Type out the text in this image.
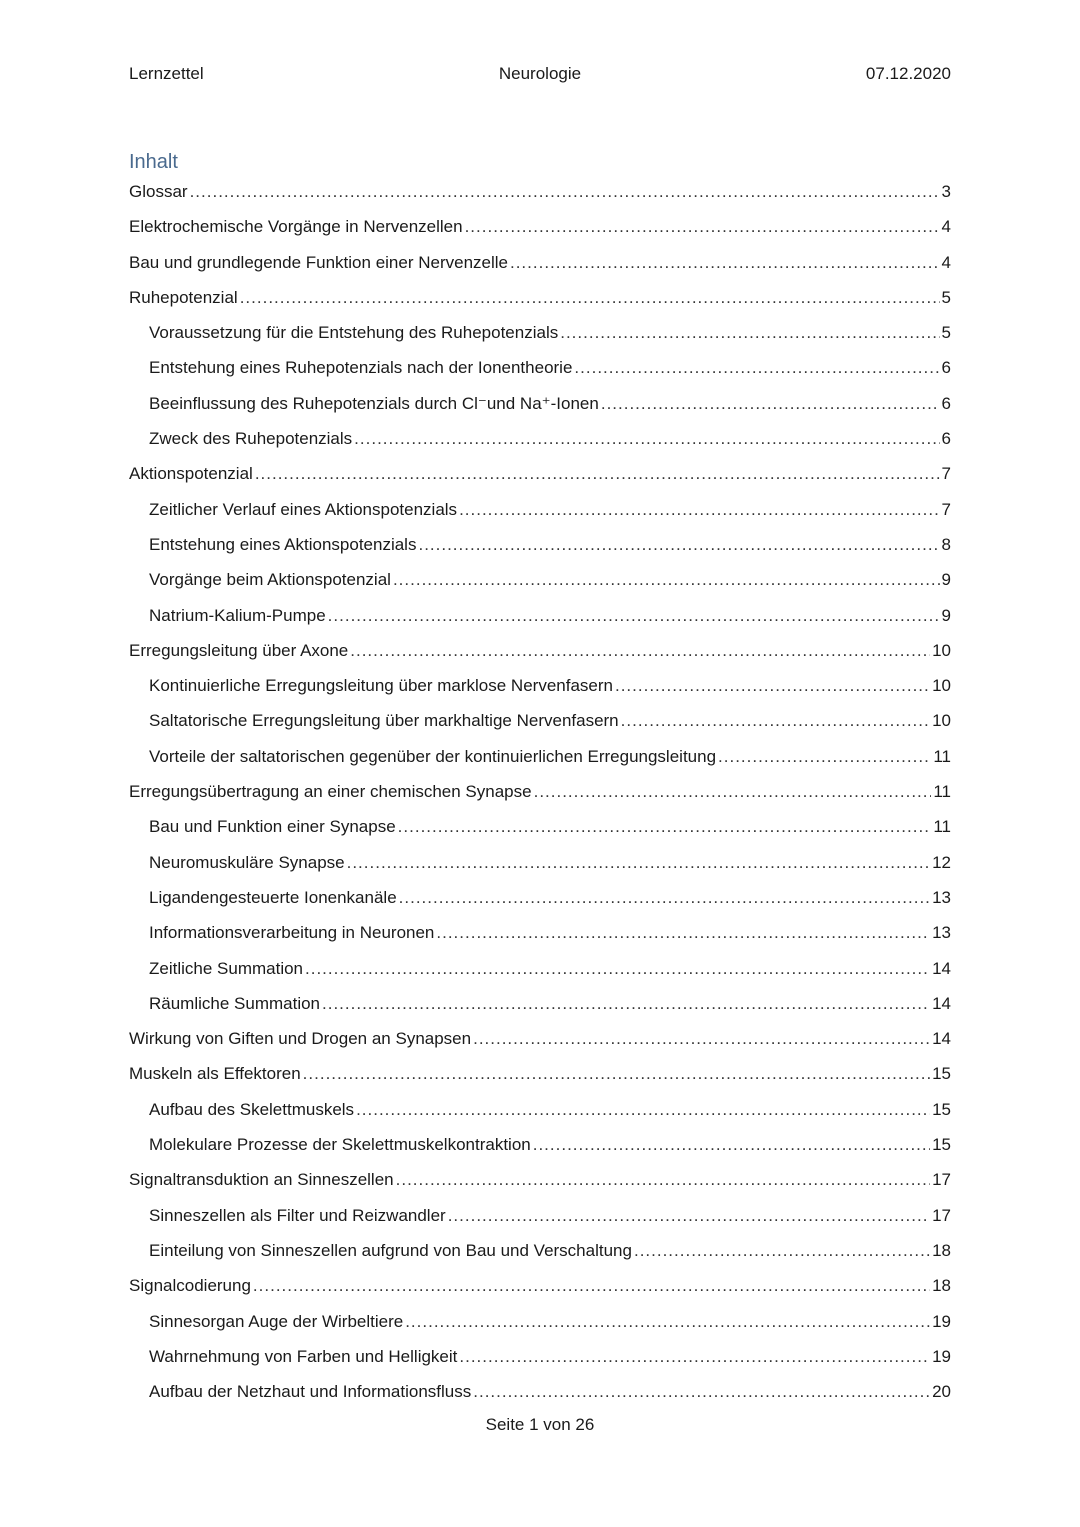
Lernzettel	Neurologie	07.12.2020
Inhalt
Glossar .....	3
Elektrochemische Vorgänge in Nervenzellen .....	4
Bau und grundlegende Funktion einer Nervenzelle .....	4
Ruhepotenzial .....	5
Voraussetzung für die Entstehung des Ruhepotenzials .....	5
Entstehung eines Ruhepotenzials nach der Ionentheorie .....	6
Beeinflussung des Ruhepotenzials durch Cl⁻und Na⁺-Ionen .....	6
Zweck des Ruhepotenzials .....	6
Aktionspotenzial .....	7
Zeitlicher Verlauf eines Aktionspotenzials .....	7
Entstehung eines Aktionspotenzials .....	8
Vorgänge beim Aktionspotenzial .....	9
Natrium-Kalium-Pumpe .....	9
Erregungsleitung über Axone .....	10
Kontinuierliche Erregungsleitung über marklose Nervenfasern .....	10
Saltatorische Erregungsleitung über markhaltige Nervenfasern .....	10
Vorteile der saltatorischen gegenüber der kontinuierlichen Erregungsleitung .....	11
Erregungsübertragung an einer chemischen Synapse .....	11
Bau und Funktion einer Synapse .....	11
Neuromuskuläre Synapse .....	12
Ligandengesteuerte Ionenkanäle .....	13
Informationsverarbeitung in Neuronen .....	13
Zeitliche Summation .....	14
Räumliche Summation .....	14
Wirkung von Giften und Drogen an Synapsen .....	14
Muskeln als Effektoren .....	15
Aufbau des Skelettmuskels .....	15
Molekulare Prozesse der Skelettmuskelkontraktion .....	15
Signaltransduktion an Sinneszellen .....	17
Sinneszellen als Filter und Reizwandler .....	17
Einteilung von Sinneszellen aufgrund von Bau und Verschaltung .....	18
Signalcodierung .....	18
Sinnesorgan Auge der Wirbeltiere .....	19
Wahrnehmung von Farben und Helligkeit .....	19
Aufbau der Netzhaut und Informationsfluss .....	20
Seite 1 von 26
